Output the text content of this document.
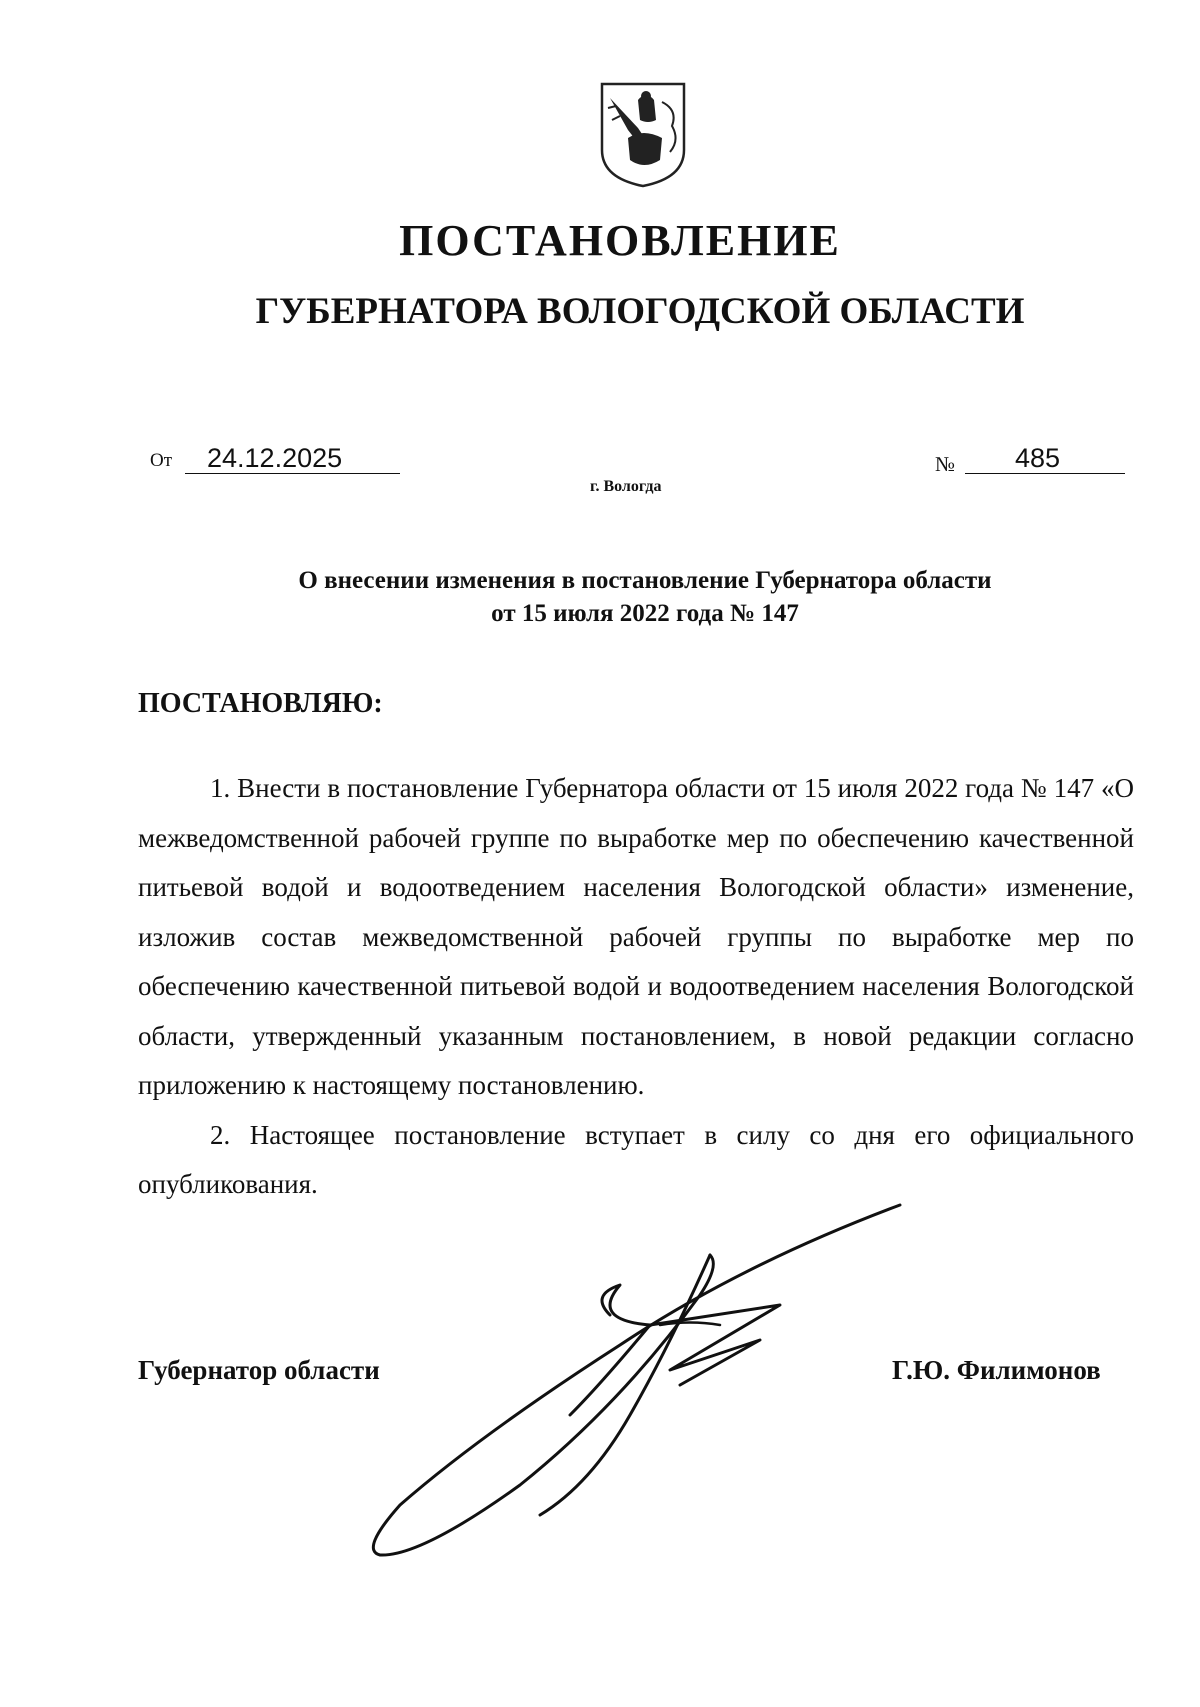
ПОСТАНОВЛЕНИЕ
ГУБЕРНАТОРА ВОЛОГОДСКОЙ ОБЛАСТИ
От	24.12.2025
г. Вологда
№	485
О внесении изменения в постановление Губернатора области
от 15 июля 2022 года № 147
ПОСТАНОВЛЯЮ:

1. Внести в постановление Губернатора области от 15 июля 2022 года № 147 «О межведомственной рабочей группе по выработке мер по обеспечению качественной питьевой водой и водоотведением населения Вологодской области» изменение, изложив состав межведомственной рабочей группы по выработке мер по обеспечению качественной питьевой водой и водоотведением населения Вологодской области, утвержденный указанным постановлением, в новой редакции согласно приложению к настоящему постановлению.

2. Настоящее постановление вступает в силу со дня его официального опубликования.

Губернатор области	Г.Ю. Филимонов
